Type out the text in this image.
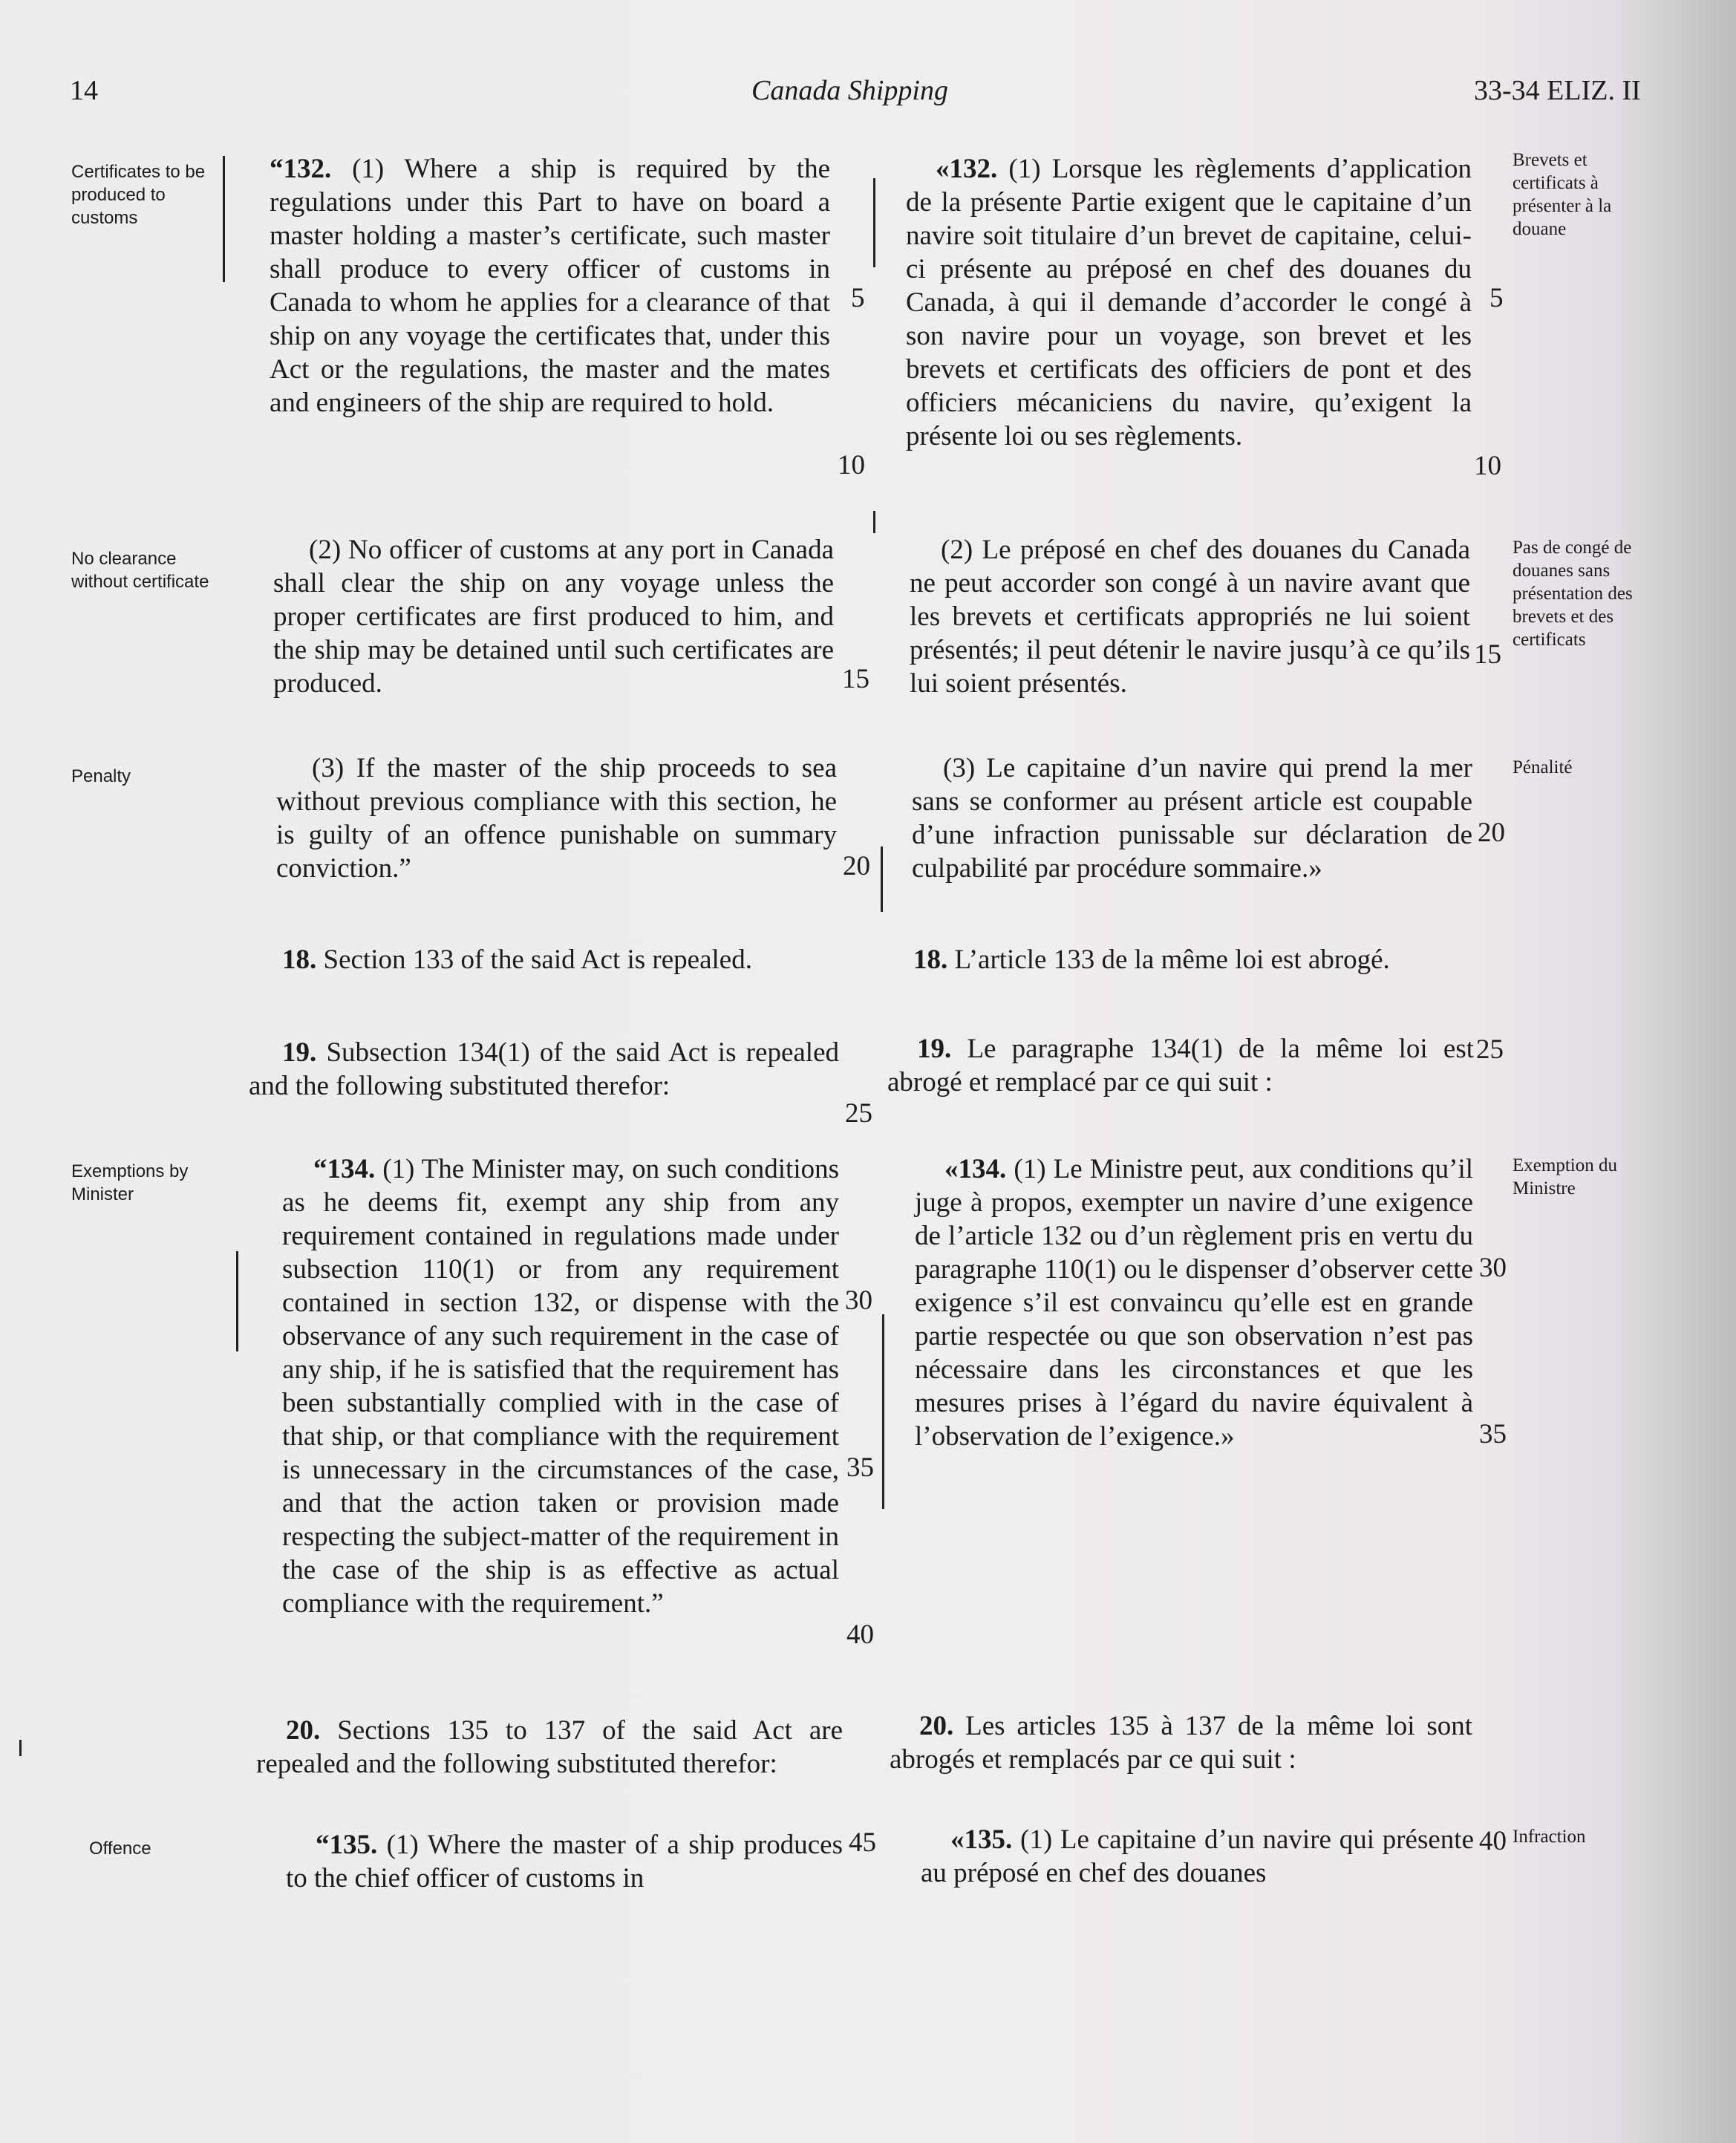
14	Canada Shipping	33-34 ELIZ. II
Certificates to be produced to customs
No clearance without certificate
Penalty
Exemptions by Minister
Offence
Brevets et certificats à présenter à la douane
Pas de congé de douanes sans présentation des brevets et des certificats
Pénalité
Exemption du Ministre
Infraction
“132. (1) Where a ship is required by the regulations under this Part to have on board a master holding a master’s certificate, such master shall produce to every officer of customs in Canada to whom he applies for a clearance of that ship on any voyage the certificates that, under this Act or the regulations, the master and the mates and engineers of the ship are required to hold.
(2) No officer of customs at any port in Canada shall clear the ship on any voyage unless the proper certificates are first produced to him, and the ship may be detained until such certificates are produced.
(3) If the master of the ship proceeds to sea without previous compliance with this section, he is guilty of an offence punishable on summary conviction.”
18. Section 133 of the said Act is repealed.
19. Subsection 134(1) of the said Act is repealed and the following substituted therefor:
“134. (1) The Minister may, on such conditions as he deems fit, exempt any ship from any requirement contained in regulations made under subsection 110(1) or from any requirement contained in section 132, or dispense with the observance of any such requirement in the case of any ship, if he is satisfied that the requirement has been substantially complied with in the case of that ship, or that compliance with the requirement is unnecessary in the circumstances of the case, and that the action taken or provision made respecting the subject-matter of the requirement in the case of the ship is as effective as actual compliance with the requirement.”
20. Sections 135 to 137 of the said Act are repealed and the following substituted therefor:
“135. (1) Where the master of a ship produces to the chief officer of customs in
«132. (1) Lorsque les règlements d’application de la présente Partie exigent que le capitaine d’un navire soit titulaire d’un brevet de capitaine, celui-ci présente au préposé en chef des douanes du Canada, à qui il demande d’accorder le congé à son navire pour un voyage, son brevet et les brevets et certificats des officiers de pont et des officiers mécaniciens du navire, qu’exigent la présente loi ou ses règlements.
(2) Le préposé en chef des douanes du Canada ne peut accorder son congé à un navire avant que les brevets et certificats appropriés ne lui soient présentés; il peut détenir le navire jusqu’à ce qu’ils lui soient présentés.
(3) Le capitaine d’un navire qui prend la mer sans se conformer au présent article est coupable d’une infraction punissable sur déclaration de culpabilité par procédure sommaire.»
18. L’article 133 de la même loi est abrogé.
19. Le paragraphe 134(1) de la même loi est abrogé et remplacé par ce qui suit :
«134. (1) Le Ministre peut, aux conditions qu’il juge à propos, exempter un navire d’une exigence de l’article 132 ou d’un règlement pris en vertu du paragraphe 110(1) ou le dispenser d’observer cette exigence s’il est convaincu qu’elle est en grande partie respectée ou que son observation n’est pas nécessaire dans les circonstances et que les mesures prises à l’égard du navire équivalent à l’observation de l’exigence.»
20. Les articles 135 à 137 de la même loi sont abrogés et remplacés par ce qui suit :
«135. (1) Le capitaine d’un navire qui présente au préposé en chef des douanes
5
10
15
20
25
30
35
40
45
5
10
15
20
25
30
35
40
